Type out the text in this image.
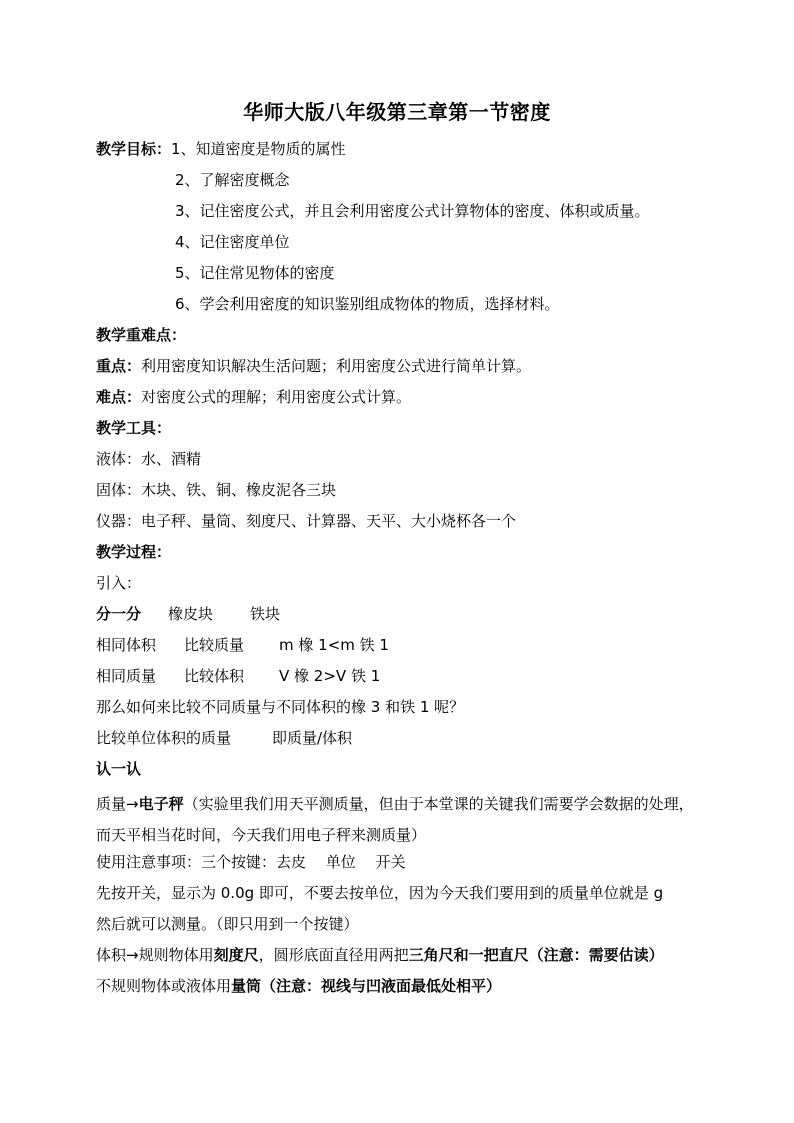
华师大版八年级第三章第一节密度
教学目标：1、知道密度是物质的属性
2、了解密度概念
3、记住密度公式，并且会利用密度公式计算物体的密度、体积或质量。
4、记住密度单位
5、记住常见物体的密度
6、学会利用密度的知识鉴别组成物体的物质，选择材料。
教学重难点：
重点：利用密度知识解决生活问题；利用密度公式进行简单计算。
难点：对密度公式的理解；利用密度公式计算。
教学工具：
液体：水、酒精
固体：木块、铁、铜、橡皮泥各三块
仪器：电子秤、量筒、刻度尺、计算器、天平、大小烧杯各一个
教学过程：
引入：
分一分 橡皮块 铁块
相同体积 比较质量 m 橡 1<m 铁 1
相同质量 比较体积 V 橡 2>V 铁 1
那么如何来比较不同质量与不同体积的橡 3 和铁 1 呢？
比较单位体积的质量	即质量/体积
认一认
质量→电子秤（实验里我们用天平测质量，但由于本堂课的关键我们需要学会数据的处理，而天平相当花时间，今天我们用电子秤来测质量）
使用注意事项：三个按键：去皮　 单位　 开关
先按开关，显示为 0.0g 即可，不要去按单位，因为今天我们要用到的质量单位就是 g
然后就可以测量。（即只用到一个按键）
体积→规则物体用刻度尺，圆形底面直径用两把三角尺和一把直尺（注意：需要估读）
不规则物体或液体用量筒（注意：视线与凹液面最低处相平）
